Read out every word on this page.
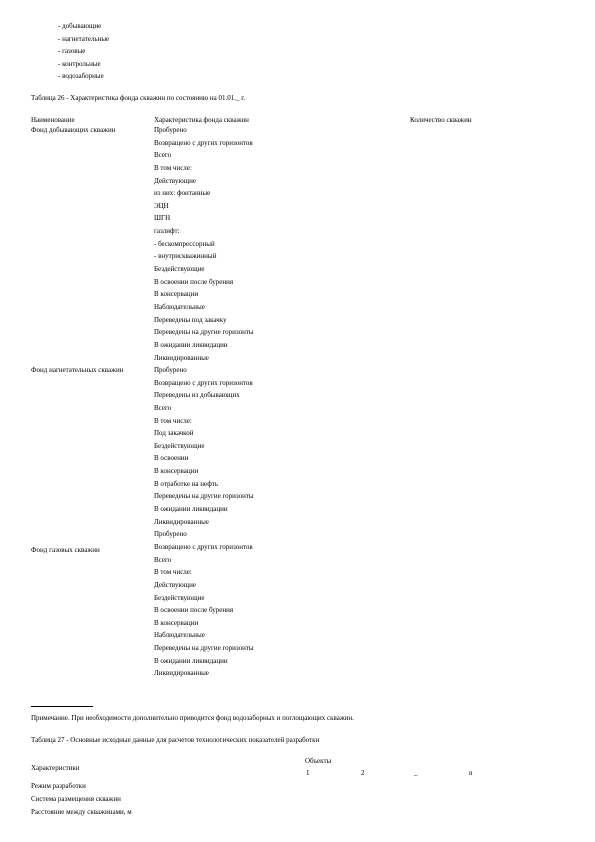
- добывающие
- нагнетательные
- газовые
- контрольные
- водозаборные
Таблица 26 - Характеристика фонда скважин по состоянию на 01.01._ г.
Наименование	Характеристика фонда скважин	Количество скважин
Фонд добывающих скважин	Пробурено
Возвращено с других горизонтов
Всего
В том числе:
Действующие
из них: фонтанные
ЭЦН
ШГН
газлифт:
- бескомпрессорный
- внутрискважинный
Бездействующие
В освоении после бурения
В консервации
Наблюдательные
Переведены под закачку
Переведены на другие горизонты
В ожидании ликвидации
Ликвидированные
Фонд нагнетательных скважин	Пробурено
Возвращено с других горизонтов
Переведены из добывающих
Всего
В том числе:
Под закачкой
Бездействующие
В освоении
В консервации
В отработке на нефть
Переведены на другие горизонты
В ожидании ликвидации
Ликвидированные
Пробурено
Фонд газовых скважин	Возвращено с других горизонтов
Всего
В том числе:
Действующие
Бездействующие
В освоении после бурения
В консервации
Наблюдательные
Переведены на другие горизонты
В ожидании ликвидации
Ликвидированные
Примечание. При необходимости дополнительно приводится фонд водозаборных и поглощающих скважин.
Таблица 27 - Основные исходные данные для расчетов технологических показателей разработки
Объекты
Характеристики
1	2	_	n
Режим разработки
Система размещения скважин
Расстояние между скважинами, м
